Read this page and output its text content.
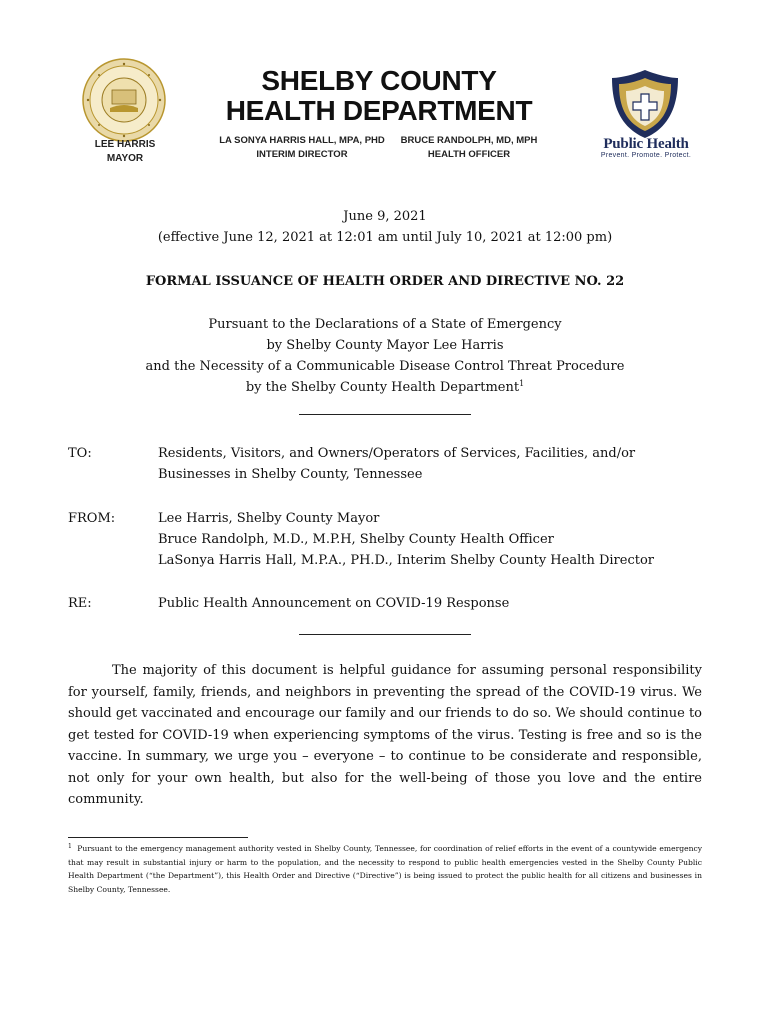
LEE HARRIS
MAYOR
SHELBY COUNTY
HEALTH DEPARTMENT
LA SONYA HARRIS HALL, MPA, PHD
INTERIM DIRECTOR
BRUCE RANDOLPH, MD, MPH
HEALTH OFFICER
Public Health
Prevent. Promote. Protect.
June 9, 2021
(effective June 12, 2021 at 12:01 am until July 10, 2021 at 12:00 pm)
FORMAL ISSUANCE OF HEALTH ORDER AND DIRECTIVE NO. 22
Pursuant to the Declarations of a State of Emergency
by Shelby County Mayor Lee Harris
and the Necessity of a Communicable Disease Control Threat Procedure
by the Shelby County Health Department$^1$
TO:	Residents, Visitors, and Owners/Operators of Services, Facilities, and/or
Businesses in Shelby County, Tennessee
FROM:	Lee Harris, Shelby County Mayor
Bruce Randolph, M.D., M.P.H, Shelby County Health Officer
LaSonya Harris Hall, M.P.A., PH.D., Interim Shelby County Health Director
RE:	Public Health Announcement on COVID-19 Response
The majority of this document is helpful guidance for assuming personal responsibility for yourself, family, friends, and neighbors in preventing the spread of the COVID-19 virus. We should get vaccinated and encourage our family and our friends to do so. We should continue to get tested for COVID-19 when experiencing symptoms of the virus. Testing is free and so is the vaccine. In summary, we urge you – everyone – to continue to be considerate and responsible, not only for your own health, but also for the well-being of those you love and the entire community.
$^1$ Pursuant to the emergency management authority vested in Shelby County, Tennessee, for coordination of relief efforts in the event of a countywide emergency that may result in substantial injury or harm to the population, and the necessity to respond to public health emergencies vested in the Shelby County Public Health Department (“the Department”), this Health Order and Directive (“Directive”) is being issued to protect the public health for all citizens and businesses in Shelby County, Tennessee.
